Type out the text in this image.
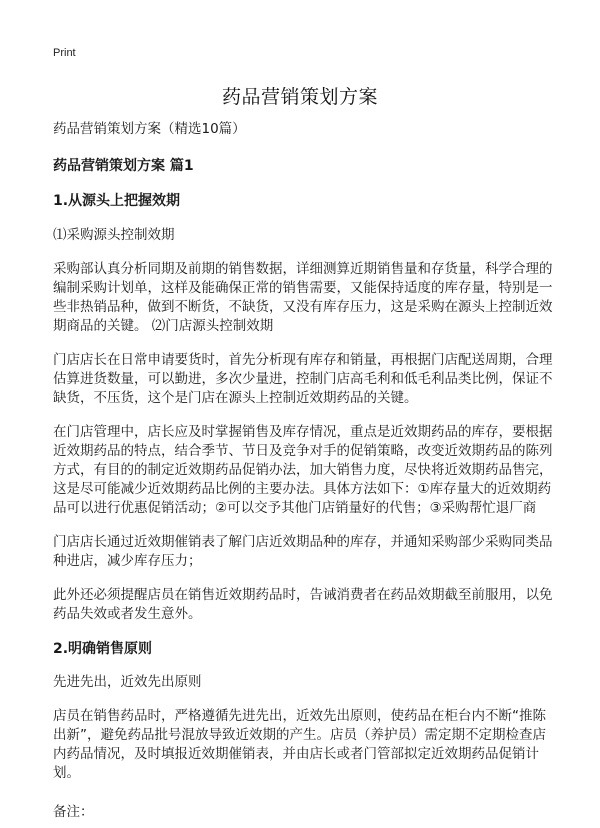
Print
药品营销策划方案

药品营销策划方案（精选10篇）

药品营销策划方案 篇1

1.从源头上把握效期

⑴采购源头控制效期

采购部认真分析同期及前期的销售数据，详细测算近期销售量和存货量，科学合理的编制采购计划单，这样及能确保正常的销售需要，又能保持适度的库存量，特别是一些非热销品种，做到不断货，不缺货，又没有库存压力，这是采购在源头上控制近效期商品的关键。 ⑵门店源头控制效期

门店店长在日常申请要货时，首先分析现有库存和销量，再根据门店配送周期，合理估算进货数量，可以勤进，多次少量进，控制门店高毛利和低毛利品类比例，保证不缺货，不压货，这个是门店在源头上控制近效期药品的关键。

在门店管理中，店长应及时掌握销售及库存情况，重点是近效期药品的库存，要根据近效期药品的特点，结合季节、节日及竞争对手的促销策略，改变近效期药品的陈列方式，有目的的制定近效期药品促销办法，加大销售力度，尽快将近效期药品售完，这是尽可能减少近效期药品比例的主要办法。具体方法如下：①库存量大的近效期药品可以进行优惠促销活动；②可以交予其他门店销量好的代售；③采购帮忙退厂商

门店店长通过近效期催销表了解门店近效期品种的库存，并通知采购部少采购同类品种进店，减少库存压力；

此外还必须提醒店员在销售近效期药品时，告诫消费者在药品效期截至前服用，以免药品失效或者发生意外。

2.明确销售原则

先进先出，近效先出原则

店员在销售药品时，严格遵循先进先出，近效先出原则，使药品在柜台内不断“推陈出新”，避免药品批号混放导致近效期的产生。店员（养护员）需定期不定期检查店内药品情况，及时填报近效期催销表，并由店长或者门管部拟定近效期药品促销计划。

备注：
